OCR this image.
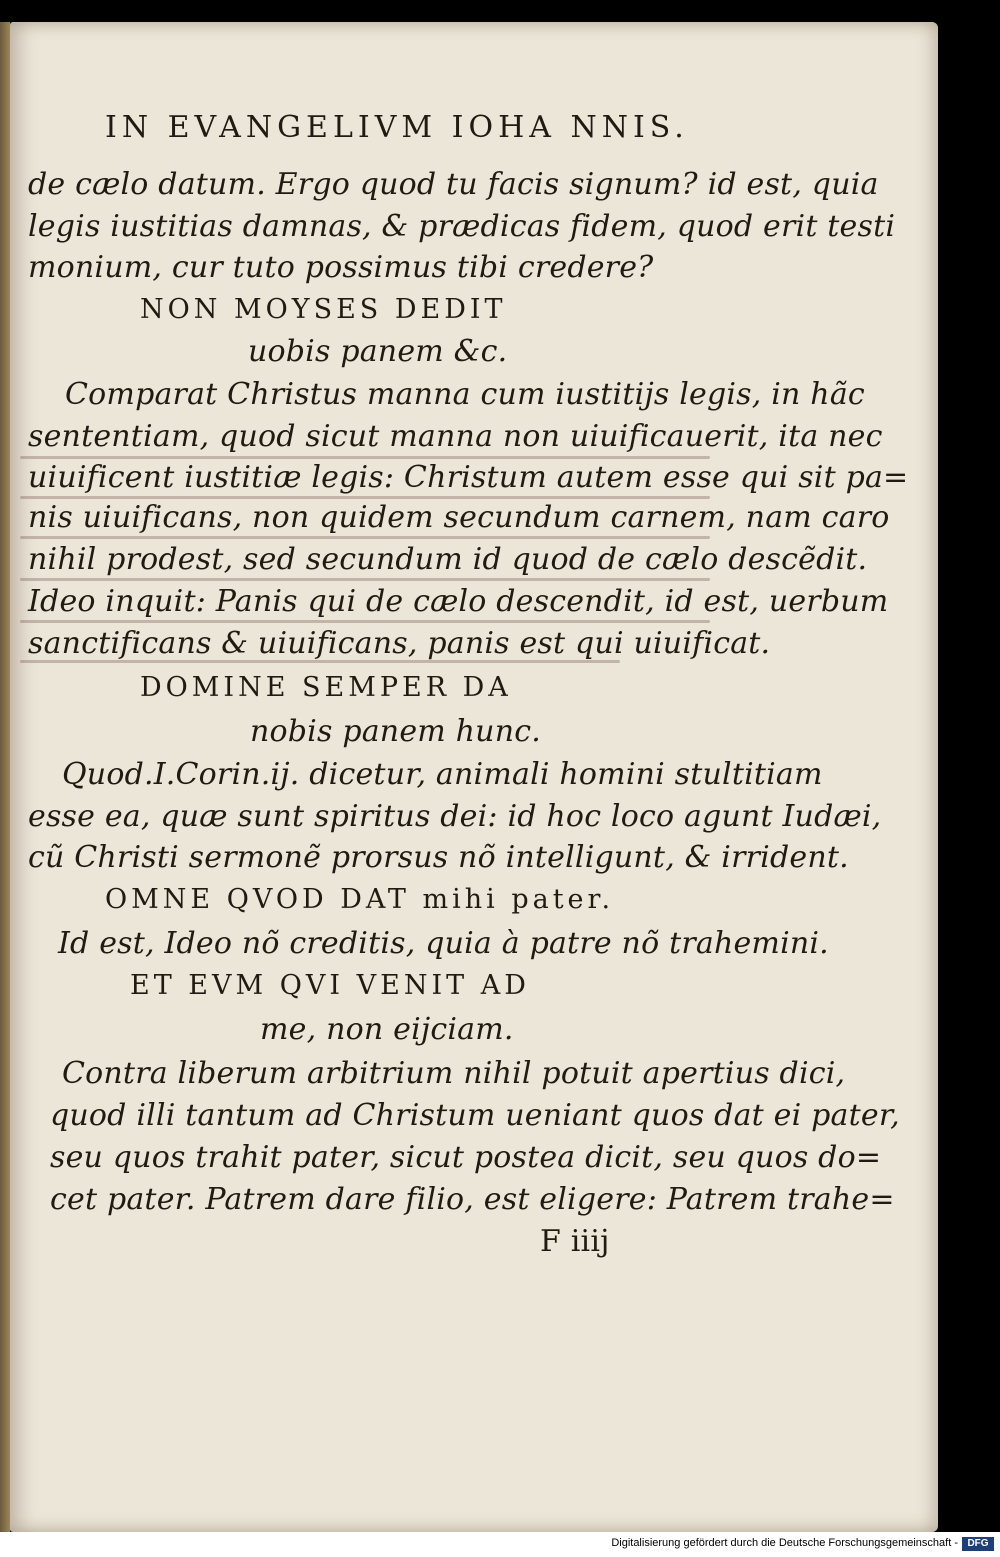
IN EVANGELIVM IOHA NNIS.
de cælo datum. Ergo quod tu facis signum? id est, quia
legis iustitias damnas, & prædicas fidem, quod erit testi
monium, cur tuto possimus tibi credere?
NON MOYSES DEDIT
uobis panem &c.
Comparat Christus manna cum iustitijs legis, in hãc
sententiam, quod sicut manna non uiuificauerit, ita nec
uiuificent iustitiæ legis: Christum autem esse qui sit pa=
nis uiuificans, non quidem secundum carnem, nam caro
nihil prodest, sed secundum id quod de cælo descẽdit.
Ideo inquit: Panis qui de cælo descendit, id est, uerbum
sanctificans & uiuificans, panis est qui uiuificat.
DOMINE SEMPER DA
nobis panem hunc.
Quod.I.Corin.ij. dicetur, animali homini stultitiam
esse ea, quæ sunt spiritus dei: id hoc loco agunt Iudæi,
cũ Christi sermonẽ prorsus nõ intelligunt, & irrident.
OMNE QVOD DAT mihi pater.
Id est, Ideo nõ creditis, quia à patre nõ trahemini.
ET EVM QVI VENIT AD
me, non eijciam.
Contra liberum arbitrium nihil potuit apertius dici,
quod illi tantum ad Christum ueniant quos dat ei pater,
seu quos trahit pater, sicut postea dicit, seu quos do=
cet pater. Patrem dare filio, est eligere: Patrem trahe=
F iiij
Digitalisierung gefördert durch die Deutsche Forschungsgemeinschaft - DFG
